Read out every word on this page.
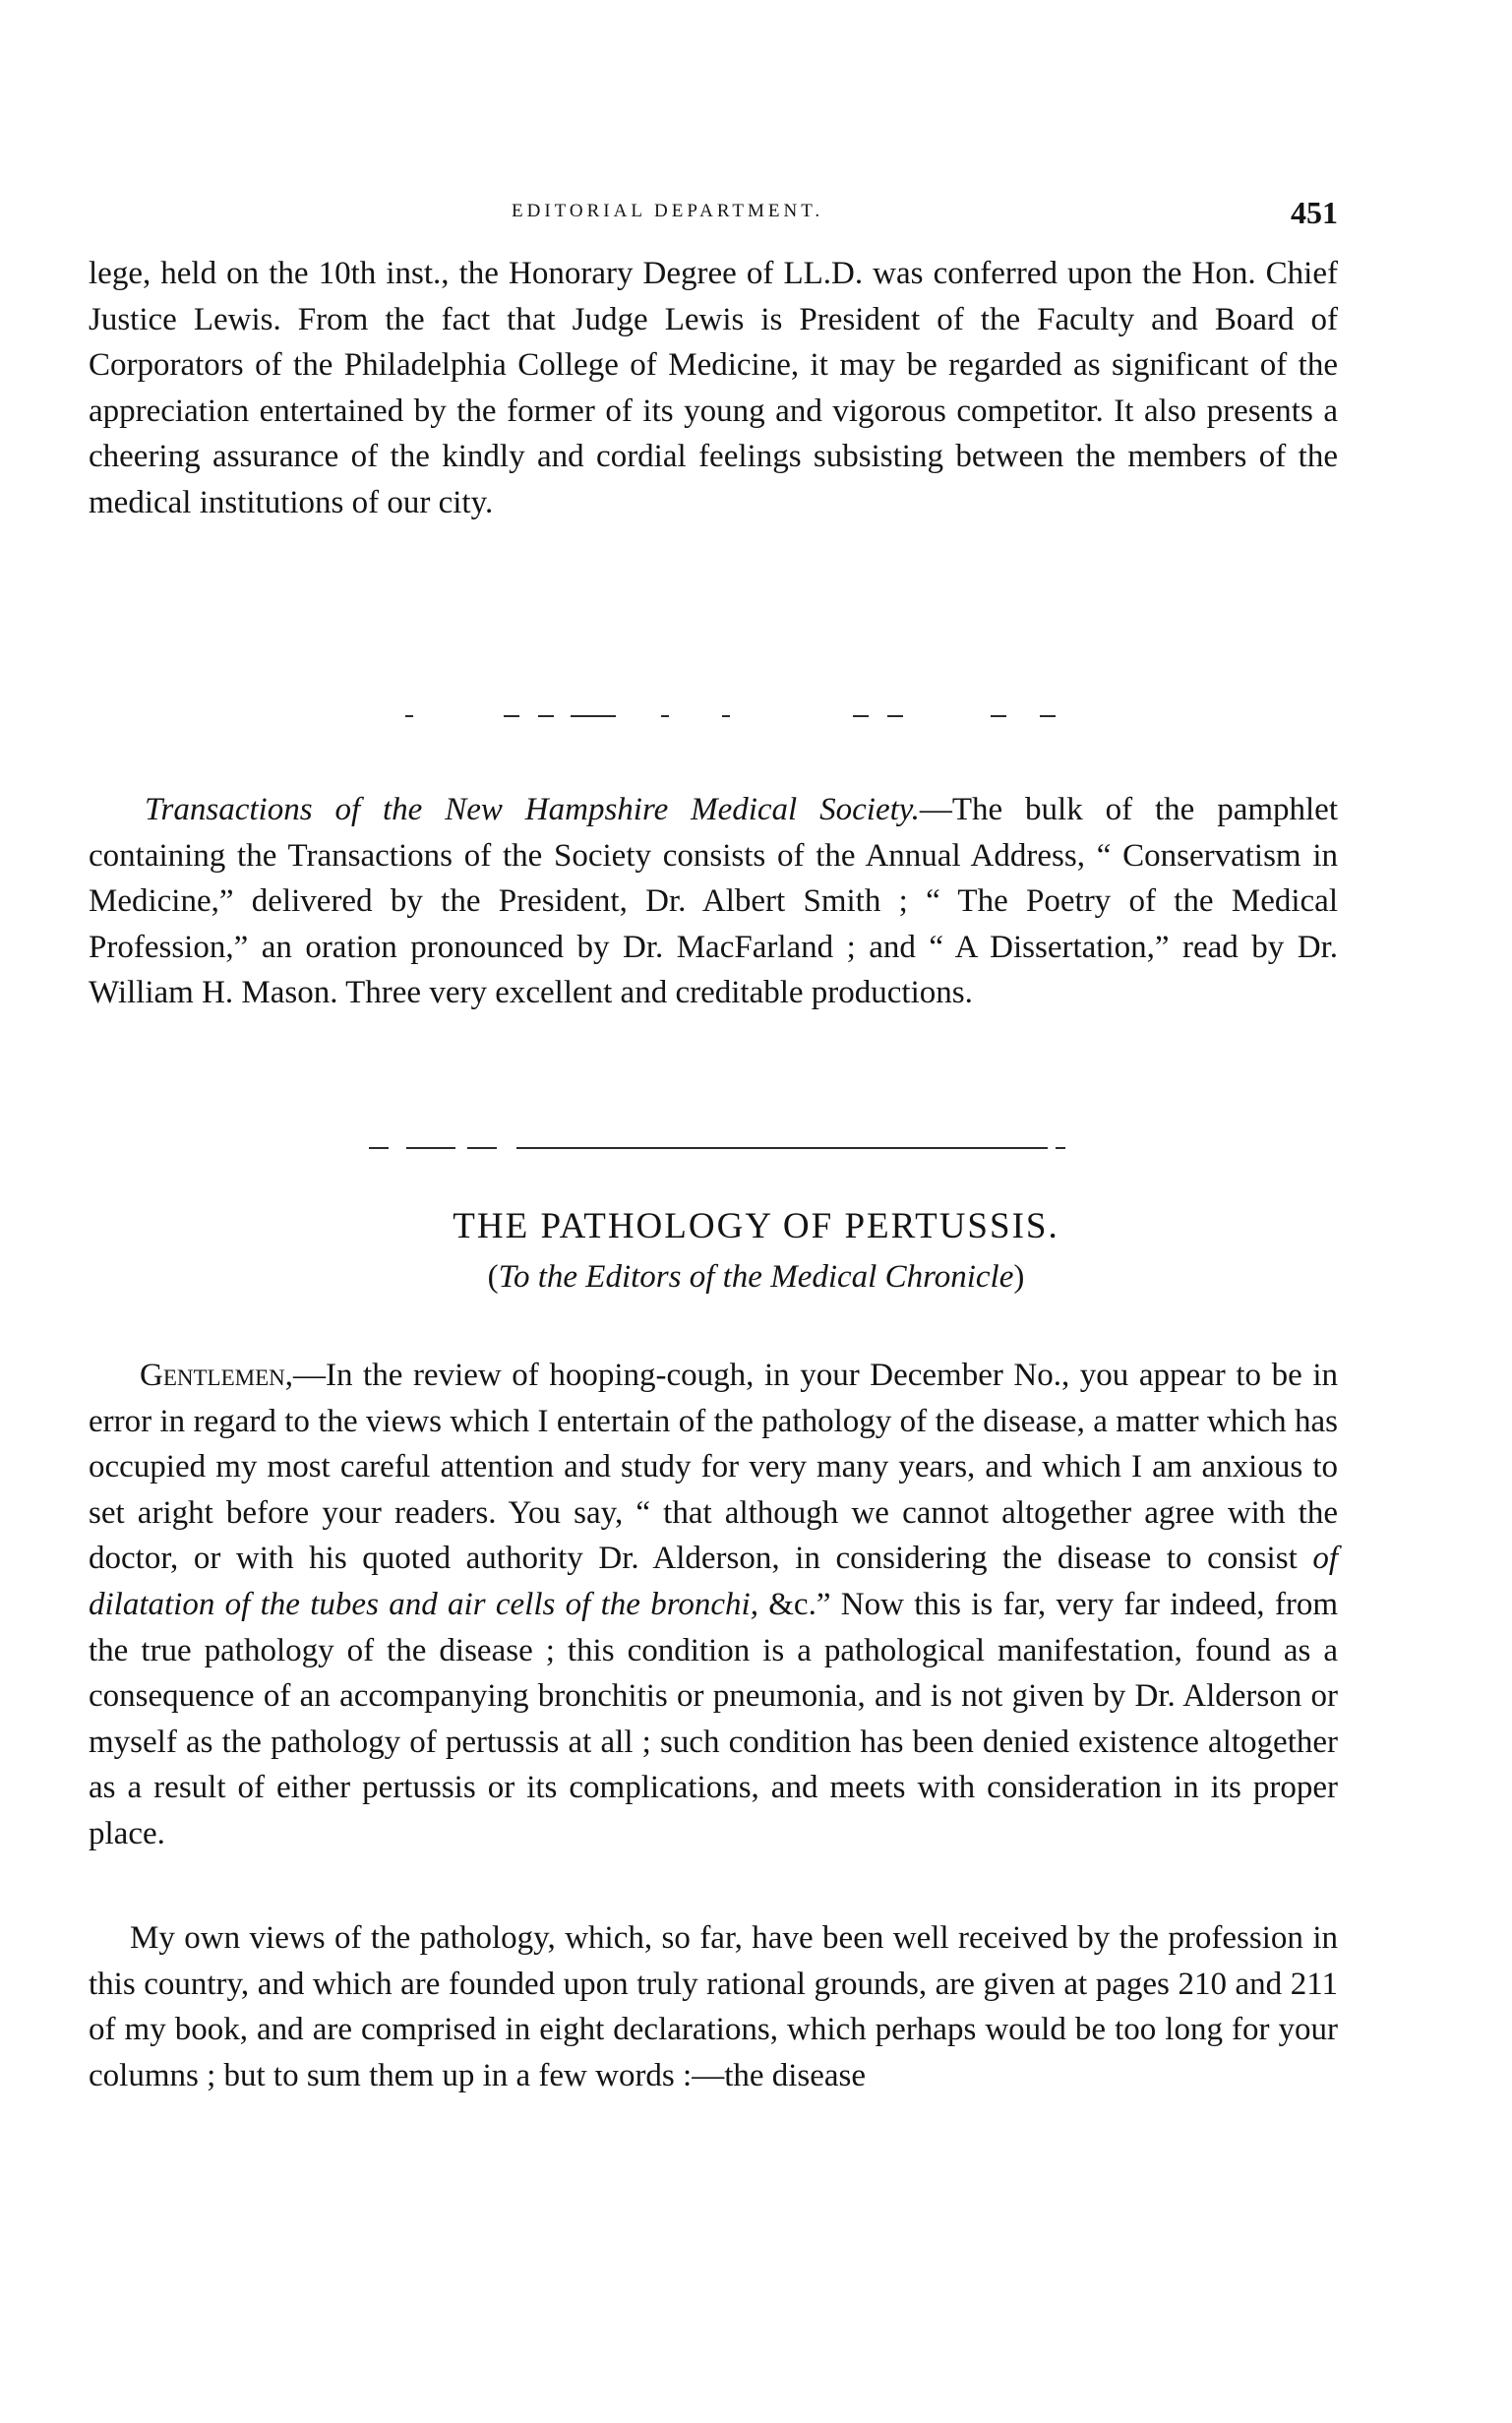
EDITORIAL DEPARTMENT.	451

lege, held on the 10th inst., the Honorary Degree of LL.D. was conferred upon the Hon. Chief Justice Lewis. From the fact that Judge Lewis is President of the Faculty and Board of Corporators of the Philadelphia College of Medicine, it may be regarded as significant of the appreciation entertained by the former of its young and vigorous competitor. It also presents a cheering assurance of the kindly and cordial feelings subsisting between the members of the medical institutions of our city.

Transactions of the New Hampshire Medical Society.—The bulk of the pamphlet containing the Transactions of the Society consists of the Annual Address, “ Conservatism in Medicine,” delivered by the President, Dr. Albert Smith ; “ The Poetry of the Medical Profession,” an oration pronounced by Dr. MacFarland ; and “ A Dissertation,” read by Dr. William H. Mason. Three very excellent and creditable productions.

THE PATHOLOGY OF PERTUSSIS.
(To the Editors of the Medical Chronicle)

Gentlemen,—In the review of hooping-cough, in your December No., you appear to be in error in regard to the views which I entertain of the pathology of the disease, a matter which has occupied my most careful attention and study for very many years, and which I am anxious to set aright before your readers. You say, “ that although we cannot altogether agree with the doctor, or with his quoted authority Dr. Alderson, in considering the disease to consist of dilatation of the tubes and air cells of the bronchi, &c.” Now this is far, very far indeed, from the true pathology of the disease ; this condition is a pathological manifestation, found as a consequence of an accompanying bronchitis or pneumonia, and is not given by Dr. Alderson or myself as the pathology of pertussis at all ; such condition has been denied existence altogether as a result of either pertussis or its complications, and meets with consideration in its proper place.

My own views of the pathology, which, so far, have been well received by the profession in this country, and which are founded upon truly rational grounds, are given at pages 210 and 211 of my book, and are comprised in eight declarations, which perhaps would be too long for your columns ; but to sum them up in a few words :—the disease
